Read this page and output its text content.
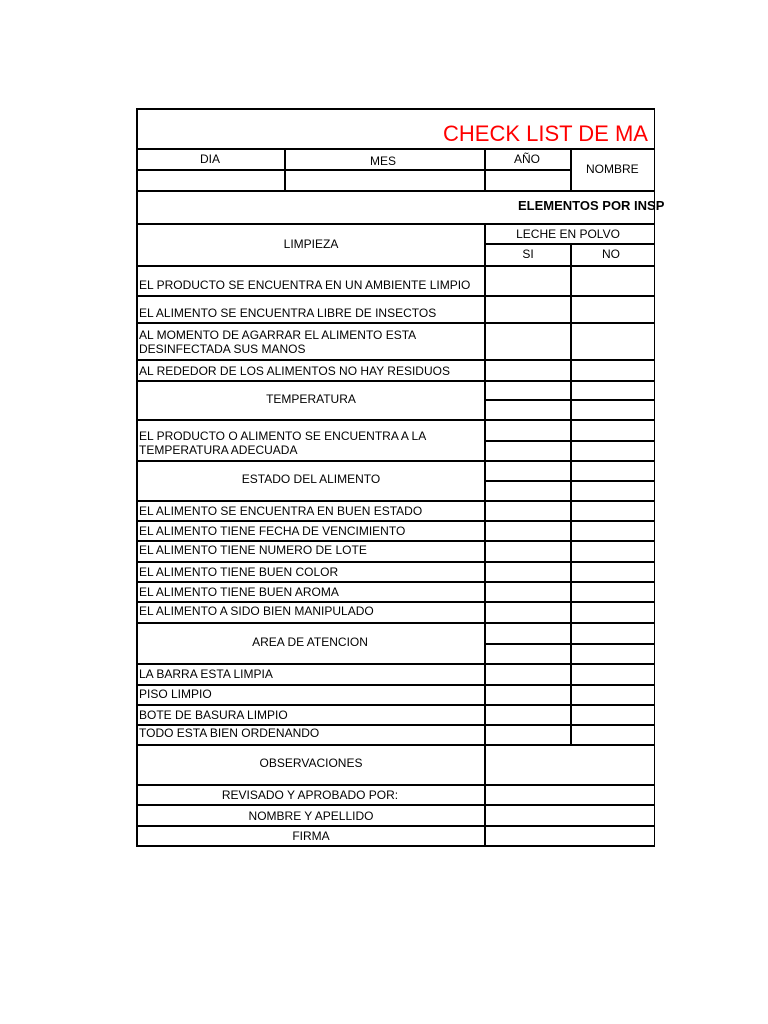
CHECK LIST DE MA
DIA	MES	AÑO
NOMBRE
ELEMENTOS POR INSP
LECHE EN POLVO
SI	NO
LIMPIEZA
EL PRODUCTO SE ENCUENTRA EN UN AMBIENTE LIMPIO
EL ALIMENTO SE ENCUENTRA LIBRE DE INSECTOS
AL MOMENTO DE AGARRAR EL ALIMENTO ESTA
DESINFECTADA SUS MANOS
AL REDEDOR DE LOS ALIMENTOS NO HAY RESIDUOS
TEMPERATURA
EL PRODUCTO O ALIMENTO SE ENCUENTRA A LA
TEMPERATURA ADECUADA
ESTADO DEL ALIMENTO
EL ALIMENTO SE ENCUENTRA EN BUEN ESTADO
EL ALIMENTO TIENE FECHA DE VENCIMIENTO
EL ALIMENTO TIENE NUMERO DE LOTE
EL ALIMENTO TIENE BUEN COLOR
EL ALIMENTO TIENE BUEN AROMA
EL ALIMENTO A SIDO BIEN MANIPULADO
AREA DE ATENCION
LA BARRA ESTA LIMPIA
PISO LIMPIO
BOTE DE BASURA LIMPIO
TODO ESTA BIEN ORDENANDO
OBSERVACIONES
REVISADO Y APROBADO POR:
NOMBRE Y APELLIDO
FIRMA
